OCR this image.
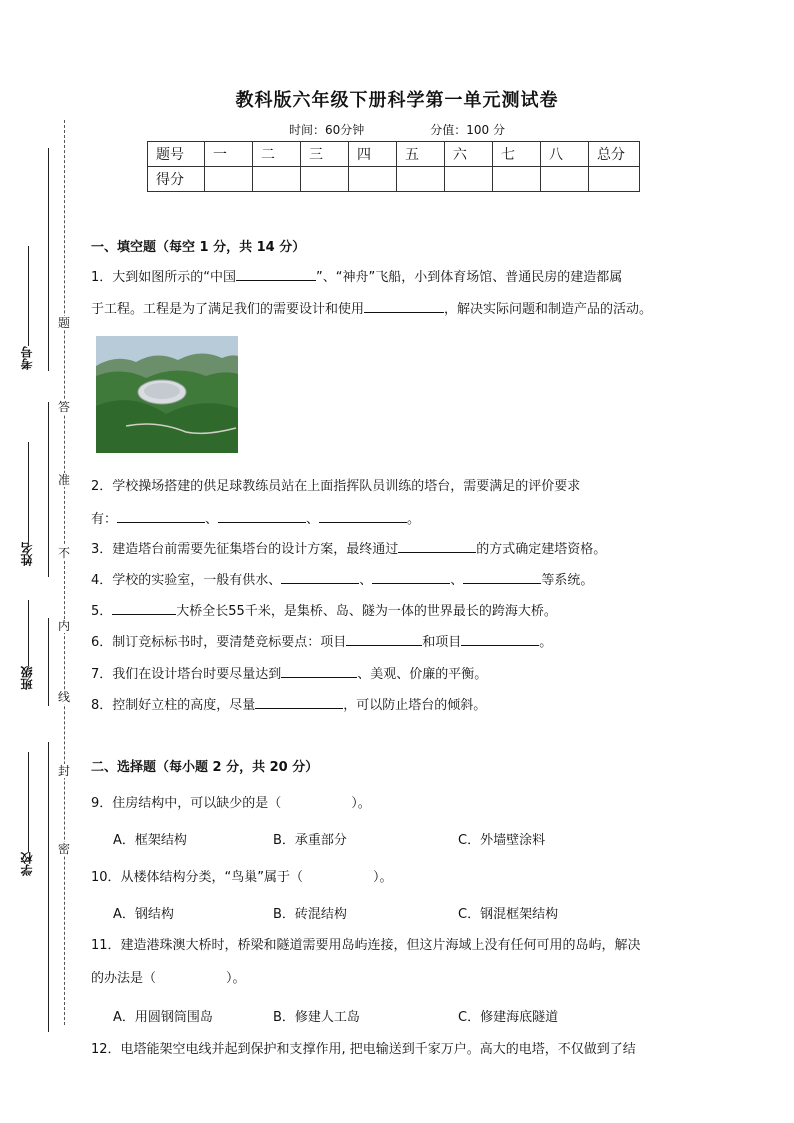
教科版六年级下册科学第一单元测试卷
时间：60分钟	分值：100 分
题号	一	二	三	四	五	六	七	八	总分
得分									
考号
姓名
班级
学校
题
答
准
不
内
线
封
密
一、填空题（每空 1 分，共 14 分）
1．大到如图所示的“中国	”、“神舟”飞船，小到体育场馆、普通民房的建造都属
于工程。工程是为了满足我们的需要设计和使用	，解决实际问题和制造产品的活动。
2．学校操场搭建的供足球教练员站在上面指挥队员训练的塔台，需要满足的评价要求
有：	、	、	。
3．建造塔台前需要先征集塔台的设计方案，最终通过	的方式确定建塔资格。
4．学校的实验室，一般有供水、	、	、	等系统。
5．	大桥全长55千米，是集桥、岛、隧为一体的世界最长的跨海大桥。
6．制订竞标标书时，要清楚竞标要点：项目	和项目	。
7．我们在设计塔台时要尽量达到	、美观、价廉的平衡。
8．控制好立柱的高度，尽量	，可以防止塔台的倾斜。
二、选择题（每小题 2 分，共 20 分）
9．住房结构中，可以缺少的是（	）。
A．框架结构	B．承重部分	C．外墙壁涂料
10．从楼体结构分类，“鸟巢”属于（	）。
A．钢结构	B．砖混结构	C．钢混框架结构
11．建造港珠澳大桥时，桥梁和隧道需要用岛屿连接，但这片海域上没有任何可用的岛屿，解决
的办法是（	）。
A．用圆钢筒围岛	B．修建人工岛	C．修建海底隧道
12．电塔能架空电线并起到保护和支撑作用, 把电输送到千家万户。高大的电塔，不仅做到了结
